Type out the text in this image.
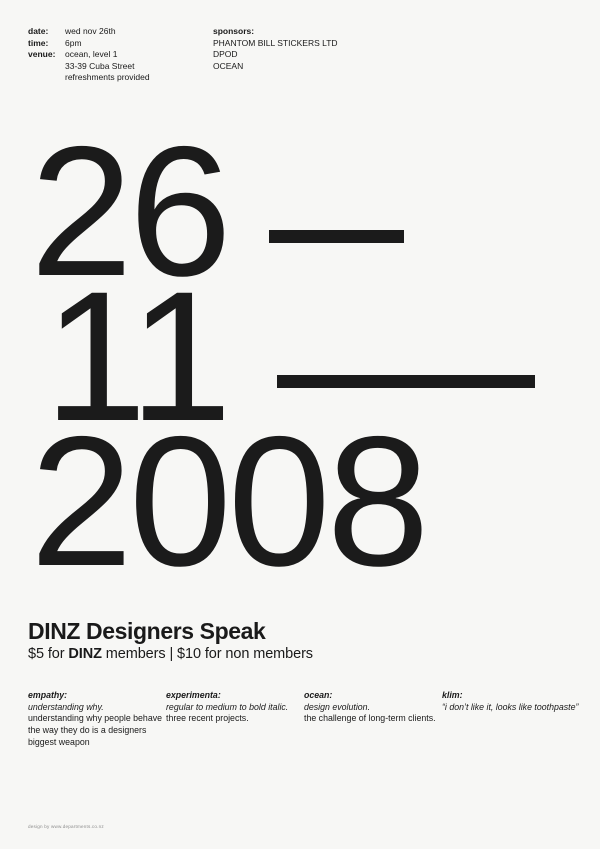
date:
time:
venue:
wed nov 26th
6pm
ocean, level 1
33-39 Cuba Street
refreshments provided
sponsors:
PHANTOM BILL STICKERS LTD
DPOD
OCEAN
26
11
2008
DINZ Designers Speak
$5 for DINZ members | $10 for non members

empathy:

understanding why.

understanding why people behave the way they do is a designers biggest weapon

experimenta:

regular to medium to bold italic.

three recent projects.

ocean:

design evolution.

the challenge of long-term clients.

klim:

“i don’t like it, looks like toothpaste”

design by www.departments.co.nz
